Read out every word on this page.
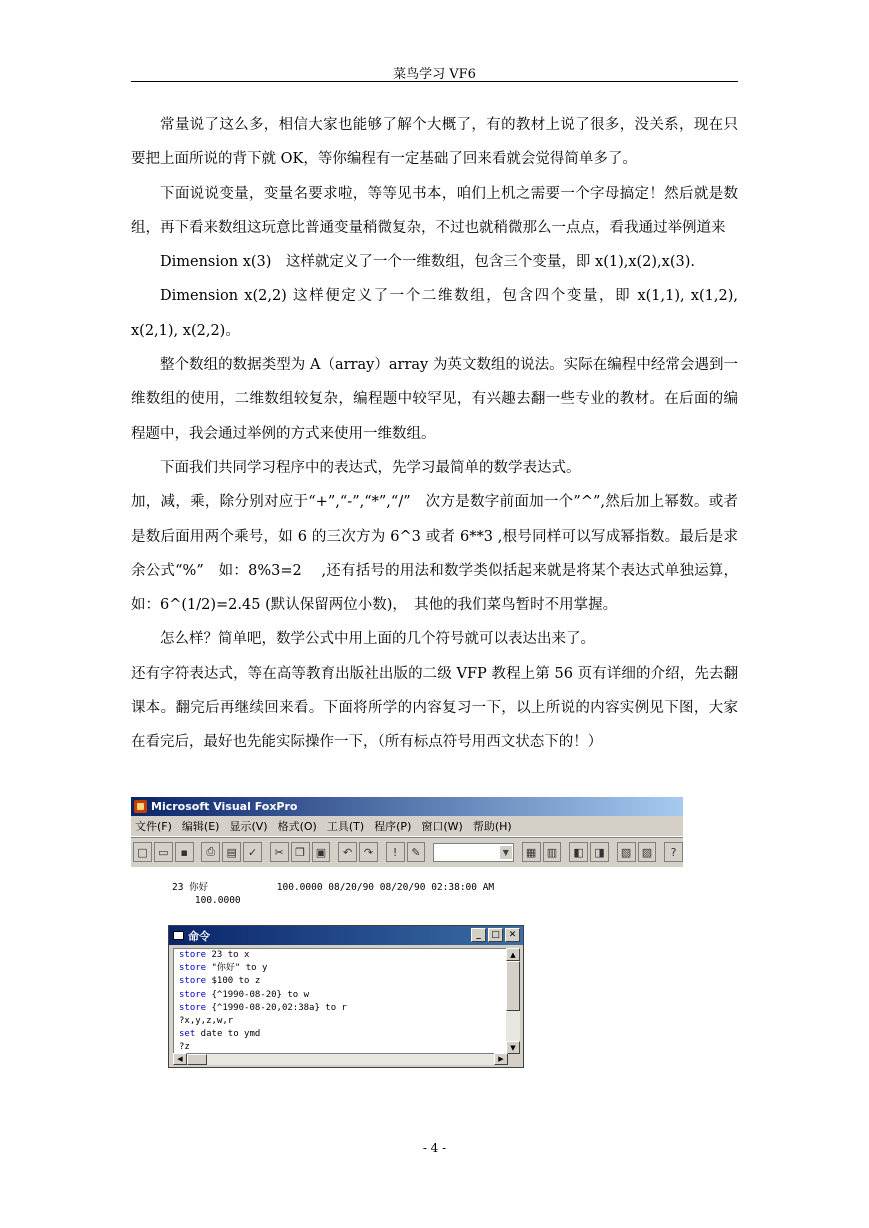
菜鸟学习 VF6

常量说了这么多，相信大家也能够了解个大概了，有的教材上说了很多，没关系，现在只要把上面所说的背下就 OK，等你编程有一定基础了回来看就会觉得简单多了。

下面说说变量，变量名要求啦，等等见书本，咱们上机之需要一个字母搞定！然后就是数组，再下看来数组这玩意比普通变量稍微复杂，不过也就稍微那么一点点，看我通过举例道来

Dimension x(3)　这样就定义了一个一维数组，包含三个变量，即 x(1),x(2),x(3).

Dimension x(2,2) 这样便定义了一个二维数组，包含四个变量，即 x(1,1), x(1,2), x(2,1), x(2,2)。

整个数组的数据类型为 A（array）array 为英文数组的说法。实际在编程中经常会遇到一维数组的使用，二维数组较复杂，编程题中较罕见，有兴趣去翻一些专业的教材。在后面的编程题中，我会通过举例的方式来使用一维数组。

下面我们共同学习程序中的表达式，先学习最简单的数学表达式。

加，减，乘，除分别对应于“+”,“-”,“*”,“/”　次方是数字前面加一个”^”,然后加上幂数。或者是数后面用两个乘号，如 6 的三次方为 6^3 或者 6**3 ,根号同样可以写成幂指数。最后是求余公式“%”　如：8%3=2　 ,还有括号的用法和数学类似括起来就是将某个表达式单独运算，如：6^(1/2)=2.45 (默认保留两位小数)，　其他的我们菜鸟暂时不用掌握。

怎么样？简单吧，数学公式中用上面的几个符号就可以表达出来了。

还有字符表达式，等在高等教育出版社出版的二级 VFP 教程上第 56 页有详细的介绍，先去翻课本。翻完后再继续回来看。下面将所学的内容复习一下，以上所说的内容实例见下图，大家在看完后，最好也先能实际操作一下，（所有标点符号用西文状态下的！）

Microsoft Visual FoxPro
文件(F) 编辑(E) 显示(V) 格式(O) 工具(T) 程序(P) 窗口(W) 帮助(H)
□ ▭	▪	⎙	▤	✓	✂	❐ ▣	↶	↷	!	✎
▼	▦ ▥	◧ ◨	▧ ▨	?
23 你好            100.0000 08/20/90 08/20/90 02:38:00 AM
100.0000
命令	_	□ ✕
store 23 to x
store "你好" to y
store $100 to z
store {^1990-08-20} to w
store {^1990-08-20,02:38a} to r
?x,y,z,w,r
set date to ymd
?z
▲
▼
◀	▶
- 4 -
